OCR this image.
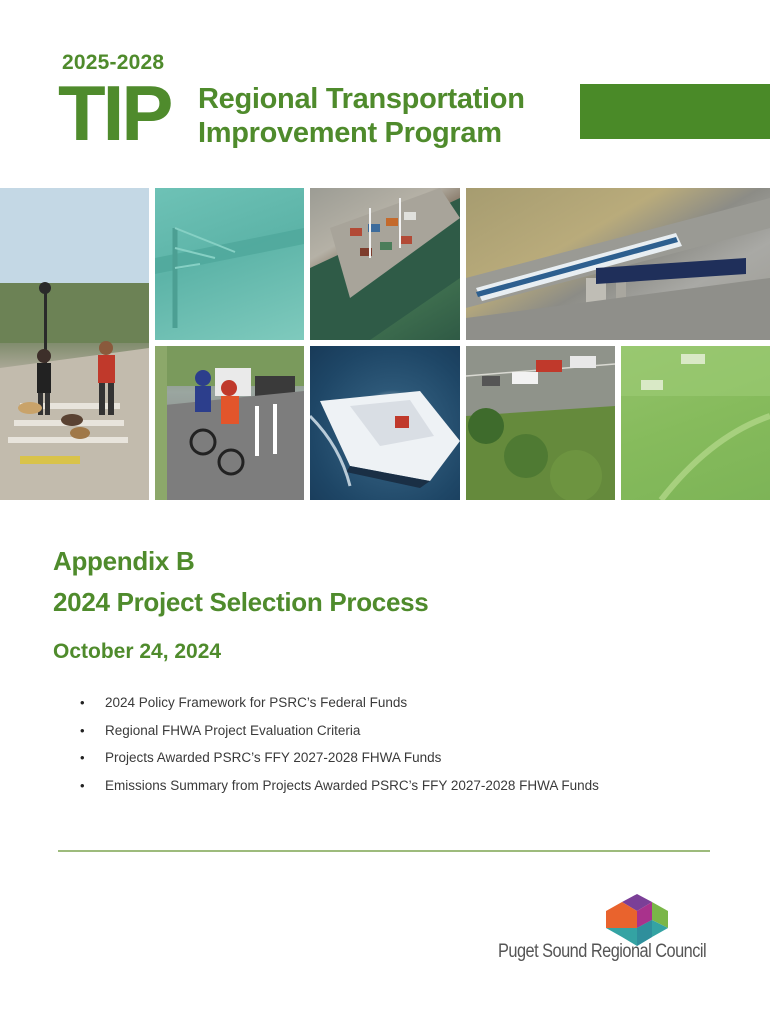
2025-2028
TIP Regional Transportation
Improvement Program
Appendix B
2024 Project Selection Process
October 24, 2024
• 2024 Policy Framework for PSRC’s Federal Funds
• Regional FHWA Project Evaluation Criteria
• Projects Awarded PSRC’s FFY 2027-2028 FHWA Funds
• Emissions Summary from Projects Awarded PSRC’s FFY 2027-2028 FHWA Funds
Puget Sound Regional Council
